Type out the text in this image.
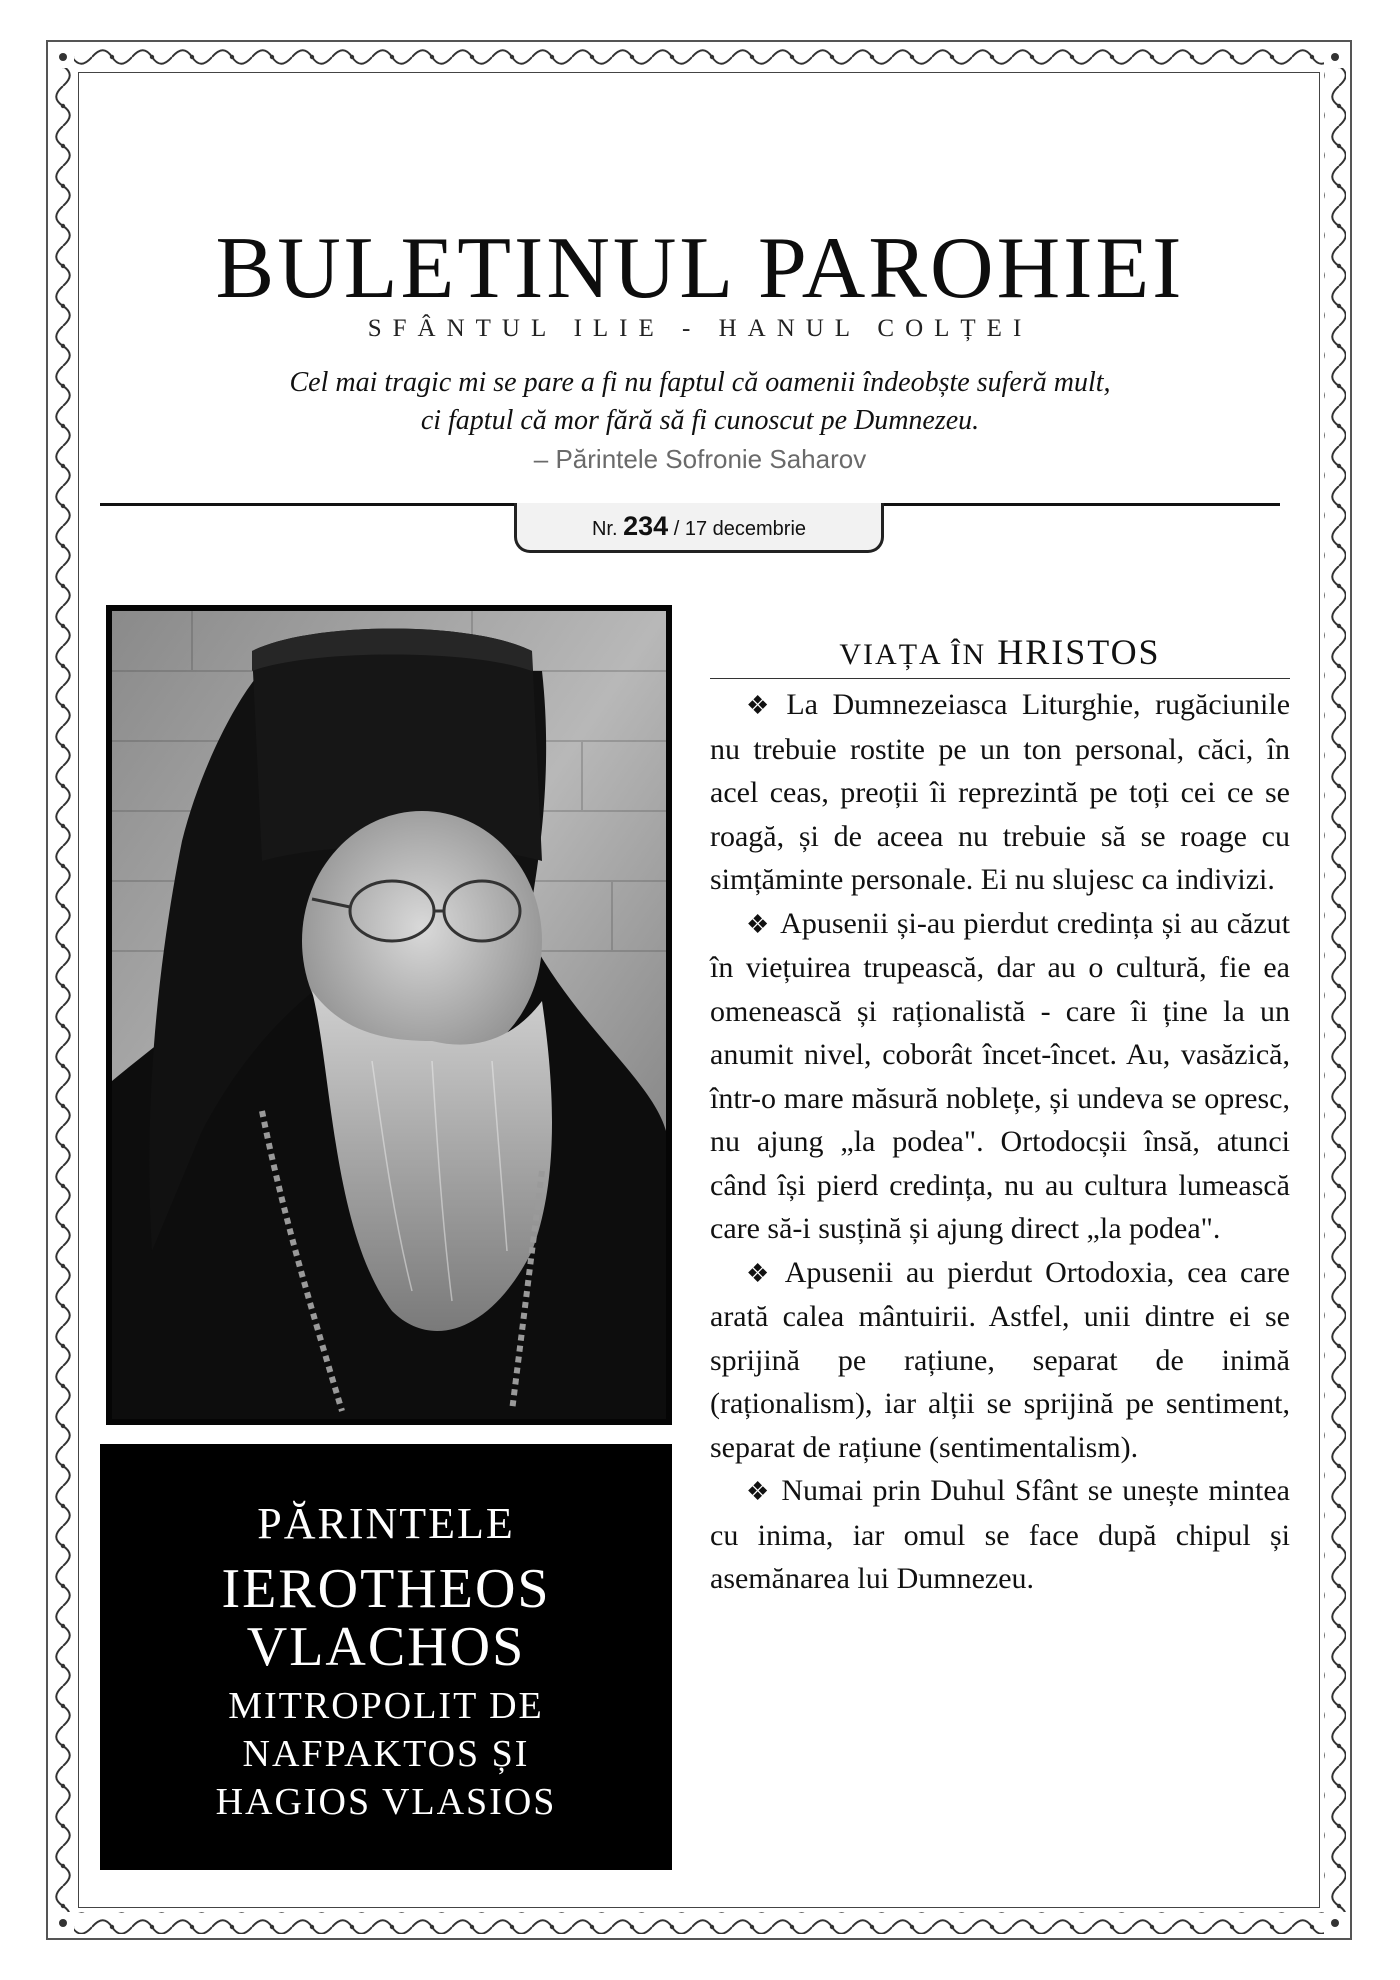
BULETINUL PAROHIEI
SFÂNTUL ILIE - HANUL COLȚEI
Cel mai tragic mi se pare a fi nu faptul că oamenii îndeobște suferă mult,
ci faptul că mor fără să fi cunoscut pe Dumnezeu.
– Părintele Sofronie Saharov
Nr. 234 / 17 decembrie
PĂRINTELE
IEROTHEOS
VLACHOS
MITROPOLIT DE
NAFPAKTOS ȘI
HAGIOS VLASIOS
VIAȚA ÎN HRISTOS

❖ La Dumnezeiasca Liturghie, rugăciunile nu trebuie rostite pe un ton personal, căci, în acel ceas, preoții îi reprezintă pe toți cei ce se roagă, și de aceea nu trebuie să se roage cu simțăminte personale. Ei nu slujesc ca indivizi.

❖ Apusenii și-au pierdut credința și au căzut în viețuirea trupească, dar au o cultură, fie ea omenească și raționalistă - care îi ține la un anumit nivel, coborât încet-încet. Au, vasăzică, într-o mare măsură noblețe, și undeva se opresc, nu ajung „la podea". Ortodocșii însă, atunci când își pierd credința, nu au cultura lumească care să-i susțină și ajung direct „la podea".

❖ Apusenii au pierdut Ortodoxia, cea care arată calea mântuirii. Astfel, unii dintre ei se sprijină pe rațiune, separat de inimă (raționalism), iar alții se sprijină pe sentiment, separat de rațiune (sentimentalism).

❖ Numai prin Duhul Sfânt se unește mintea cu inima, iar omul se face după chipul și asemănarea lui Dumnezeu.
